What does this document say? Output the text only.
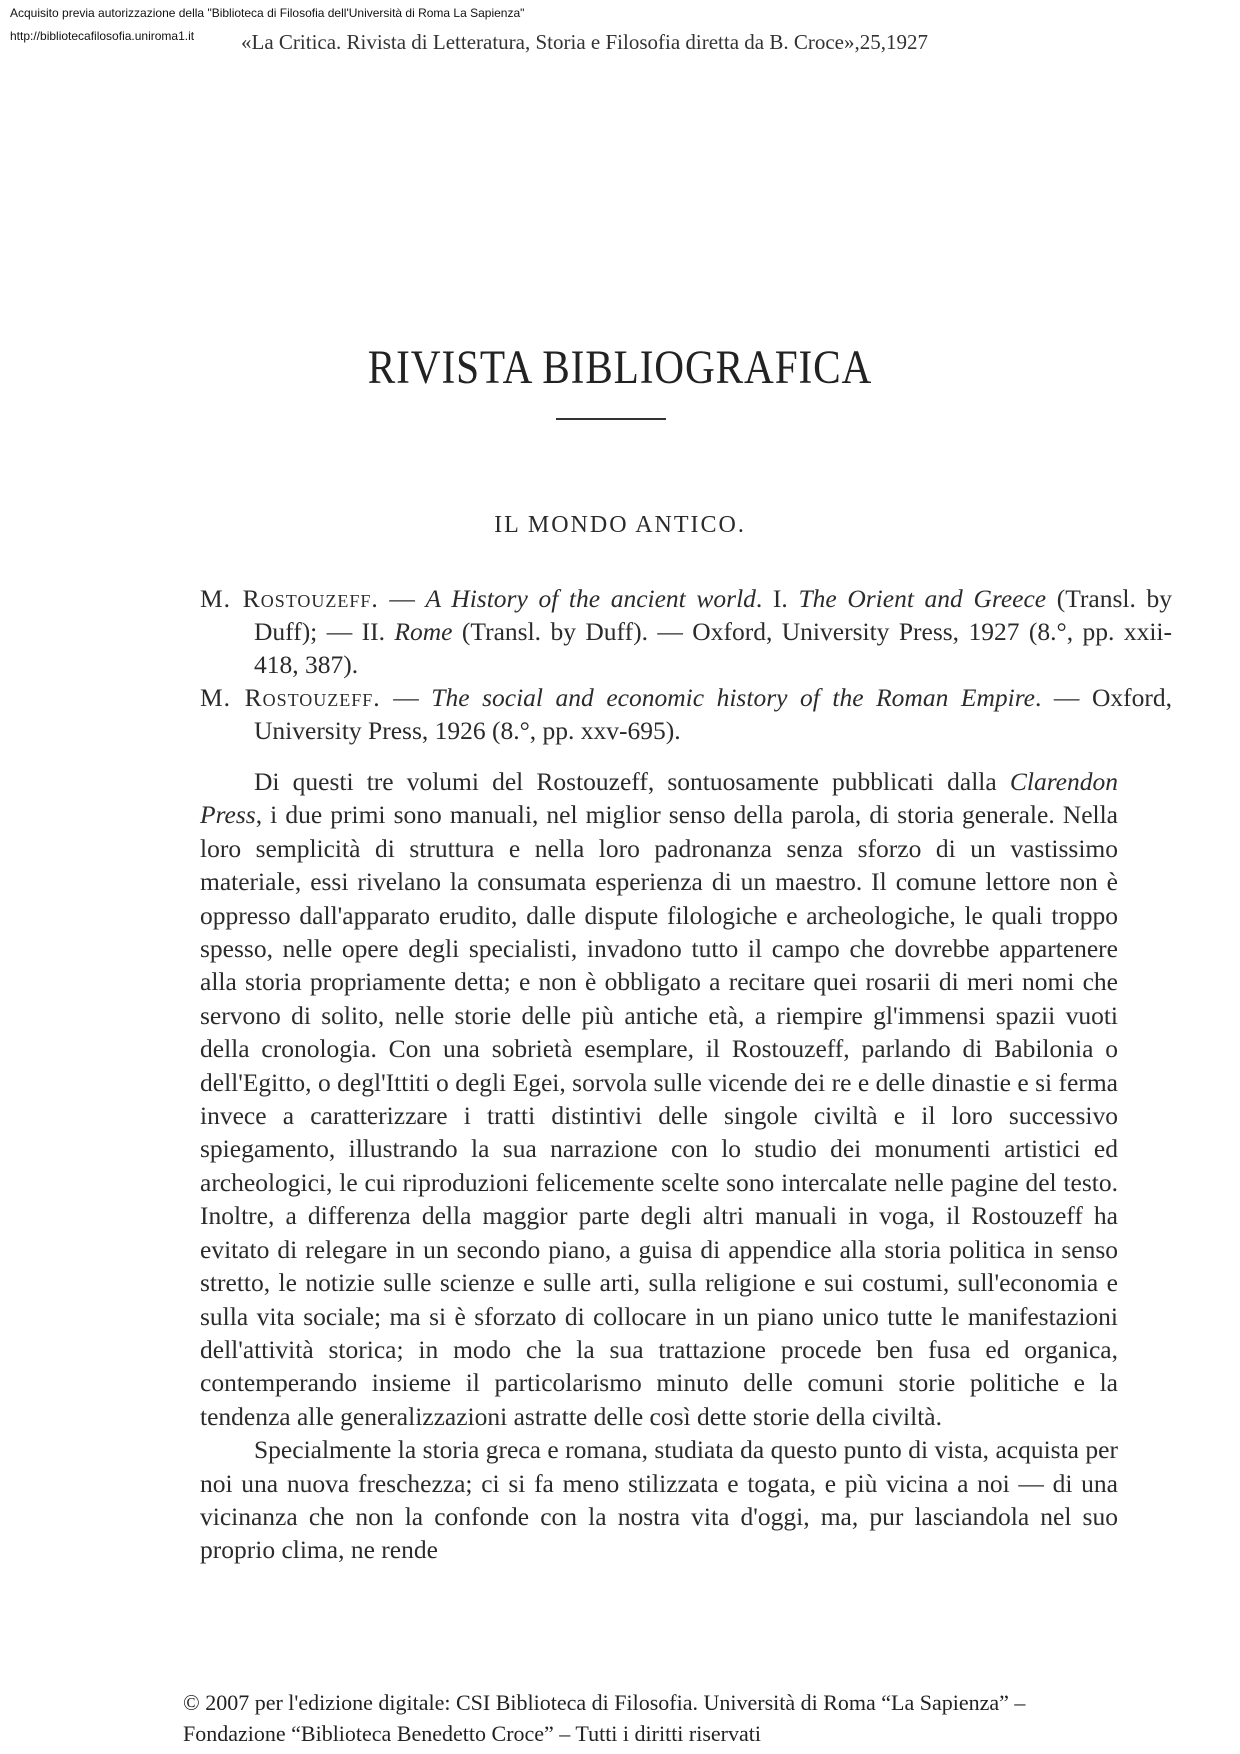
Acquisito previa autorizzazione della "Biblioteca di Filosofia dell'Università di Roma La Sapienza"
http://bibliotecafilosofia.uniroma1.it «La Critica. Rivista di Letteratura, Storia e Filosofia diretta da B. Croce»,25,1927
RIVISTA BIBLIOGRAFICA
IL MONDO ANTICO.
M. Rostouzeff. — A History of the ancient world. I. The Orient and Greece (Transl. by Duff); — II. Rome (Transl. by Duff). — Oxford, University Press, 1927 (8.°, pp. xxii-418, 387).
M. Rostouzeff. — The social and economic history of the Roman Empire. — Oxford, University Press, 1926 (8.°, pp. xxv-695).

Di questi tre volumi del Rostouzeff, sontuosamente pubblicati dalla Clarendon Press, i due primi sono manuali, nel miglior senso della parola, di storia generale. Nella loro semplicità di struttura e nella loro padronanza senza sforzo di un vastissimo materiale, essi rivelano la consumata esperienza di un maestro. Il comune lettore non è oppresso dall'apparato erudito, dalle dispute filologiche e archeologiche, le quali troppo spesso, nelle opere degli specialisti, invadono tutto il campo che dovrebbe appartenere alla storia propriamente detta; e non è obbligato a recitare quei rosarii di meri nomi che servono di solito, nelle storie delle più antiche età, a riempire gl'immensi spazii vuoti della cronologia. Con una sobrietà esemplare, il Rostouzeff, parlando di Babilonia o dell'Egitto, o degl'Ittiti o degli Egei, sorvola sulle vicende dei re e delle dinastie e si ferma invece a caratterizzare i tratti distintivi delle singole civiltà e il loro successivo spiegamento, illustrando la sua narrazione con lo studio dei monumenti artistici ed archeologici, le cui riproduzioni felicemente scelte sono intercalate nelle pagine del testo. Inoltre, a differenza della maggior parte degli altri manuali in voga, il Rostouzeff ha evitato di relegare in un secondo piano, a guisa di appendice alla storia politica in senso stretto, le notizie sulle scienze e sulle arti, sulla religione e sui costumi, sull'economia e sulla vita sociale; ma si è sforzato di collocare in un piano unico tutte le manifestazioni dell'attività storica; in modo che la sua trattazione procede ben fusa ed organica, contemperando insieme il particolarismo minuto delle comuni storie politiche e la tendenza alle generalizzazioni astratte delle così dette storie della civiltà.

Specialmente la storia greca e romana, studiata da questo punto di vista, acquista per noi una nuova freschezza; ci si fa meno stilizzata e togata, e più vicina a noi — di una vicinanza che non la confonde con la nostra vita d'oggi, ma, pur lasciandola nel suo proprio clima, ne rende

© 2007 per l'edizione digitale: CSI Biblioteca di Filosofia. Università di Roma “La Sapienza” –
Fondazione “Biblioteca Benedetto Croce” – Tutti i diritti riservati
